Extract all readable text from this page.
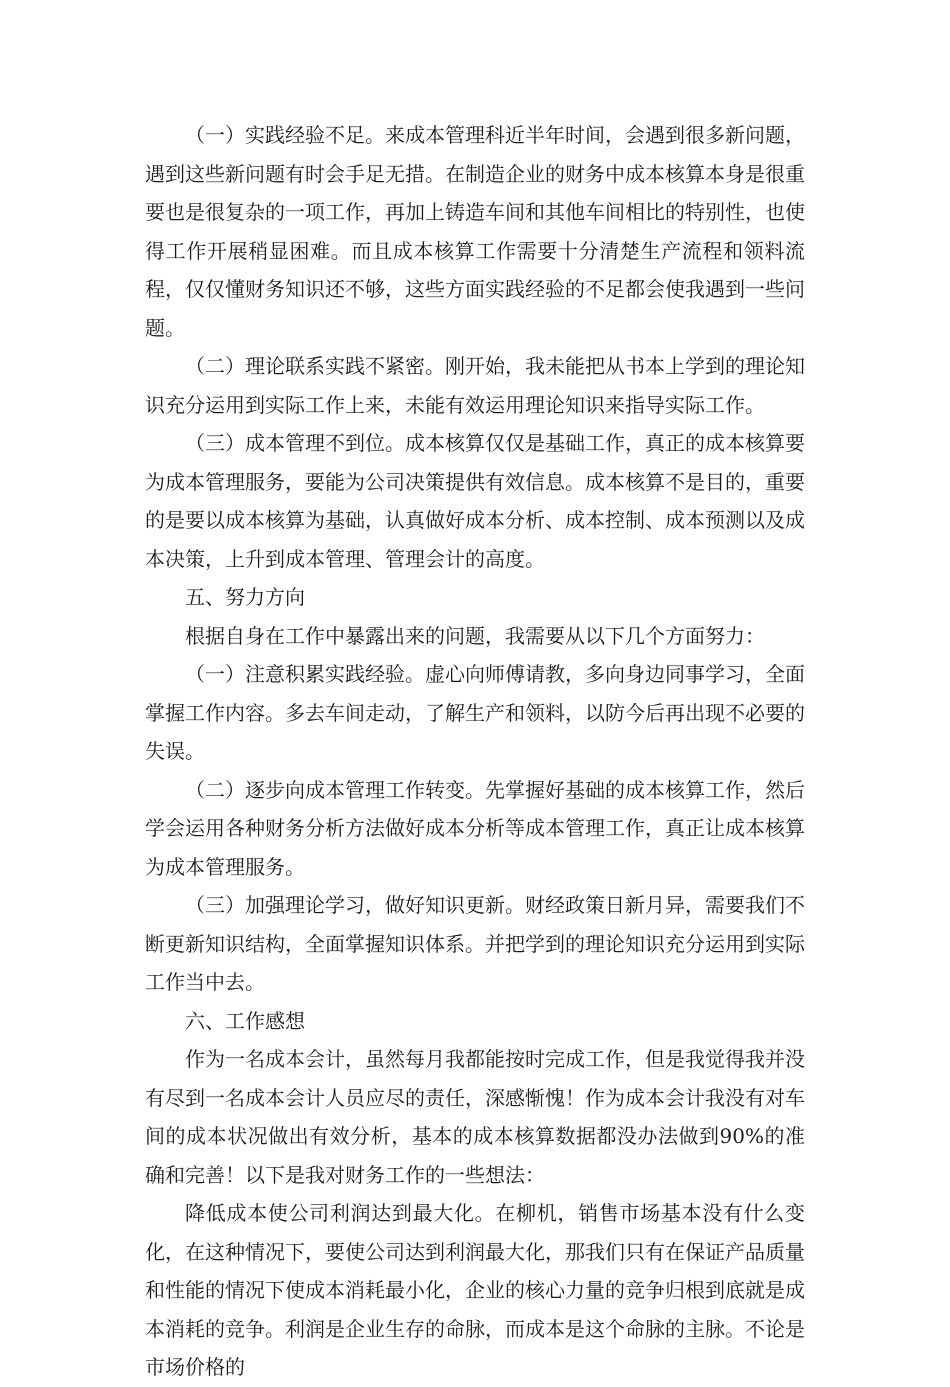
（一）实践经验不足。来成本管理科近半年时间，会遇到很多新问题，遇到这些新问题有时会手足无措。在制造企业的财务中成本核算本身是很重要也是很复杂的一项工作，再加上铸造车间和其他车间相比的特别性，也使得工作开展稍显困难。而且成本核算工作需要十分清楚生产流程和领料流程，仅仅懂财务知识还不够，这些方面实践经验的不足都会使我遇到一些问题。

（二）理论联系实践不紧密。刚开始，我未能把从书本上学到的理论知识充分运用到实际工作上来，未能有效运用理论知识来指导实际工作。

（三）成本管理不到位。成本核算仅仅是基础工作，真正的成本核算要为成本管理服务，要能为公司决策提供有效信息。成本核算不是目的，重要的是要以成本核算为基础，认真做好成本分析、成本控制、成本预测以及成本决策，上升到成本管理、管理会计的高度。

五、努力方向

根据自身在工作中暴露出来的问题，我需要从以下几个方面努力：

（一）注意积累实践经验。虚心向师傅请教，多向身边同事学习，全面掌握工作内容。多去车间走动，了解生产和领料，以防今后再出现不必要的失误。

（二）逐步向成本管理工作转变。先掌握好基础的成本核算工作，然后学会运用各种财务分析方法做好成本分析等成本管理工作，真正让成本核算为成本管理服务。

（三）加强理论学习，做好知识更新。财经政策日新月异，需要我们不断更新知识结构，全面掌握知识体系。并把学到的理论知识充分运用到实际工作当中去。

六、工作感想

作为一名成本会计，虽然每月我都能按时完成工作，但是我觉得我并没有尽到一名成本会计人员应尽的责任，深感惭愧！作为成本会计我没有对车间的成本状况做出有效分析，基本的成本核算数据都没办法做到90%的准确和完善！以下是我对财务工作的一些想法：

降低成本使公司利润达到最大化。在柳机，销售市场基本没有什么变化，在这种情况下，要使公司达到利润最大化，那我们只有在保证产品质量和性能的情况下使成本消耗最小化，企业的核心力量的竞争归根到底就是成本消耗的竞争。利润是企业生存的命脉，而成本是这个命脉的主脉。不论是市场价格的
